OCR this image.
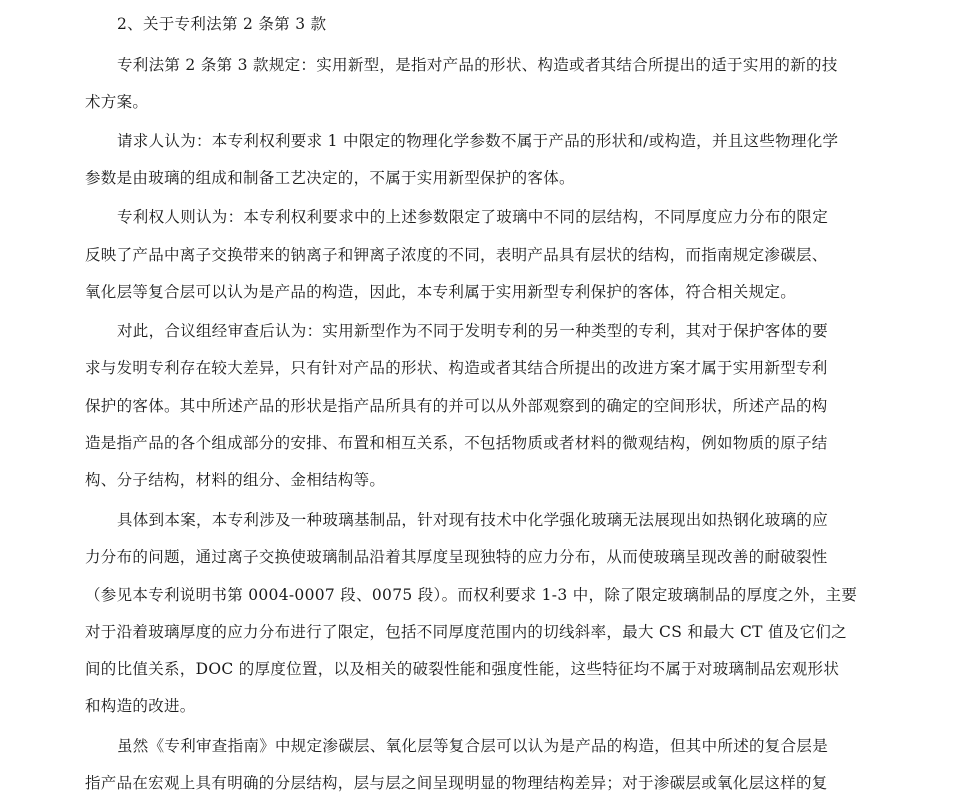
2、关于专利法第 2 条第 3 款
专利法第 2 条第 3 款规定：实用新型，是指对产品的形状、构造或者其结合所提出的适于实用的新的技
术方案。
请求人认为：本专利权利要求 1 中限定的物理化学参数不属于产品的形状和/或构造，并且这些物理化学
参数是由玻璃的组成和制备工艺决定的，不属于实用新型保护的客体。
专利权人则认为：本专利权利要求中的上述参数限定了玻璃中不同的层结构，不同厚度应力分布的限定
反映了产品中离子交换带来的钠离子和钾离子浓度的不同，表明产品具有层状的结构，而指南规定渗碳层、
氧化层等复合层可以认为是产品的构造，因此，本专利属于实用新型专利保护的客体，符合相关规定。
对此，合议组经审查后认为：实用新型作为不同于发明专利的另一种类型的专利，其对于保护客体的要
求与发明专利存在较大差异，只有针对产品的形状、构造或者其结合所提出的改进方案才属于实用新型专利
保护的客体。其中所述产品的形状是指产品所具有的并可以从外部观察到的确定的空间形状，所述产品的构
造是指产品的各个组成部分的安排、布置和相互关系，不包括物质或者材料的微观结构，例如物质的原子结
构、分子结构，材料的组分、金相结构等。
具体到本案，本专利涉及一种玻璃基制品，针对现有技术中化学强化玻璃无法展现出如热钢化玻璃的应
力分布的问题，通过离子交换使玻璃制品沿着其厚度呈现独特的应力分布，从而使玻璃呈现改善的耐破裂性
（参见本专利说明书第 0004-0007 段、0075 段）。而权利要求 1-3 中，除了限定玻璃制品的厚度之外，主要
对于沿着玻璃厚度的应力分布进行了限定，包括不同厚度范围内的切线斜率，最大 CS 和最大 CT 值及它们之
间的比值关系，DOC 的厚度位置，以及相关的破裂性能和强度性能，这些特征均不属于对玻璃制品宏观形状
和构造的改进。
虽然《专利审查指南》中规定渗碳层、氧化层等复合层可以认为是产品的构造，但其中所述的复合层是
指产品在宏观上具有明确的分层结构，层与层之间呈现明显的物理结构差异；对于渗碳层或氧化层这样的复
